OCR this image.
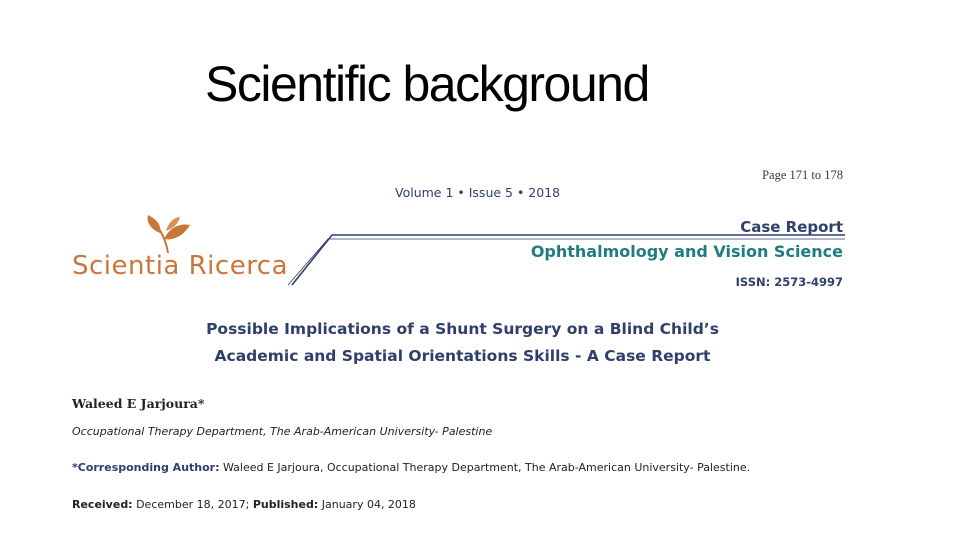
Scientific background
Page 171 to 178
Volume 1 • Issue 5 • 2018
Scientia Ricerca
Case Report
Ophthalmology and Vision Science
ISSN: 2573-4997
Possible Implications of a Shunt Surgery on a Blind Child’s
Academic and Spatial Orientations Skills - A Case Report
Waleed E Jarjoura*
Occupational Therapy Department, The Arab-American University- Palestine
*Corresponding Author: Waleed E Jarjoura, Occupational Therapy Department, The Arab-American University- Palestine.
Received: December 18, 2017; Published: January 04, 2018
